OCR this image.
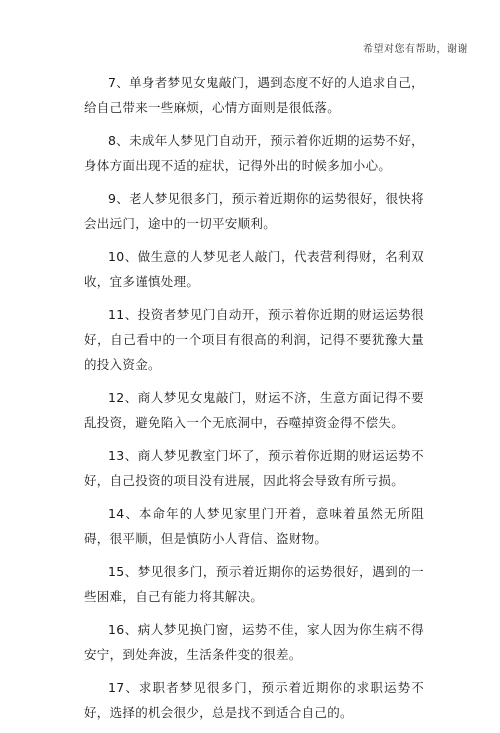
希望对您有帮助，谢谢

7、单身者梦见女鬼敲门，遇到态度不好的人追求自己，给自己带来一些麻烦，心情方面则是很低落。

8、未成年人梦见门自动开，预示着你近期的运势不好，身体方面出现不适的症状，记得外出的时候多加小心。

9、老人梦见很多门，预示着近期你的运势很好，很快将会出远门，途中的一切平安顺利。

10、做生意的人梦见老人敲门，代表营利得财，名利双收，宜多谨慎处理。

11、投资者梦见门自动开，预示着你近期的财运运势很好，自己看中的一个项目有很高的利润，记得不要犹豫大量的投入资金。

12、商人梦见女鬼敲门，财运不济，生意方面记得不要乱投资，避免陷入一个无底洞中，吞噬掉资金得不偿失。

13、商人梦见教室门坏了，预示着你近期的财运运势不好，自己投资的项目没有进展，因此将会导致有所亏损。

14、本命年的人梦见家里门开着，意味着虽然无所阻碍，很平顺，但是慎防小人背信、盗财物。

15、梦见很多门，预示着近期你的运势很好，遇到的一些困难，自己有能力将其解决。

16、病人梦见换门窗，运势不佳，家人因为你生病不得安宁，到处奔波，生活条件变的很差。

17、求职者梦见很多门，预示着近期你的求职运势不好，选择的机会很少，总是找不到适合自己的。
